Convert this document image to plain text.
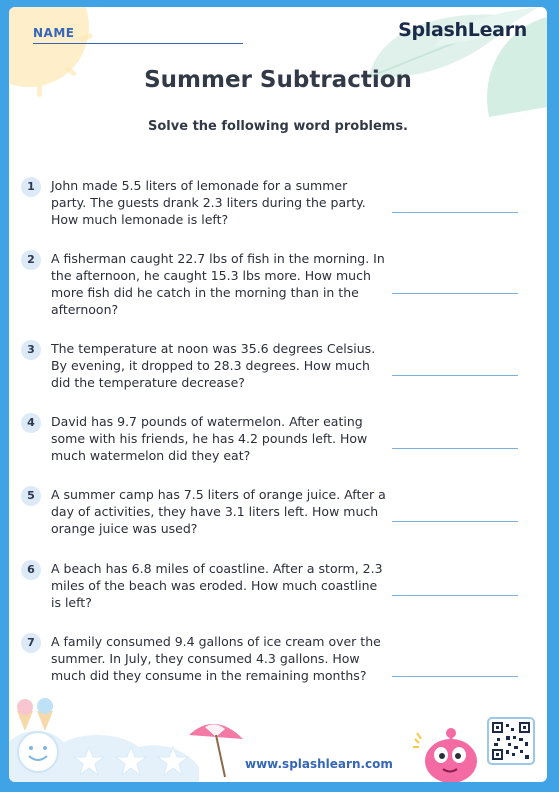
NAME	SplashLearn
Summer Subtraction
Solve the following word problems.
1	John made 5.5 liters of lemonade for a summer party. The guests drank 2.3 liters during the party. How much lemonade is left?
2	A fisherman caught 22.7 lbs of fish in the morning. In the afternoon, he caught 15.3 lbs more. How much more fish did he catch in the morning than in the afternoon?
3	The temperature at noon was 35.6 degrees Celsius. By evening, it dropped to 28.3 degrees. How much did the temperature decrease?
4	David has 9.7 pounds of watermelon. After eating some with his friends, he has 4.2 pounds left. How much watermelon did they eat?
5	A summer camp has 7.5 liters of orange juice. After a day of activities, they have 3.1 liters left. How much orange juice was used?
6	A beach has 6.8 miles of coastline. After a storm, 2.3 miles of the beach was eroded. How much coastline is left?
7	A family consumed 9.4 gallons of ice cream over the summer. In July, they consumed 4.3 gallons. How much did they consume in the remaining months?
www.splashlearn.com
